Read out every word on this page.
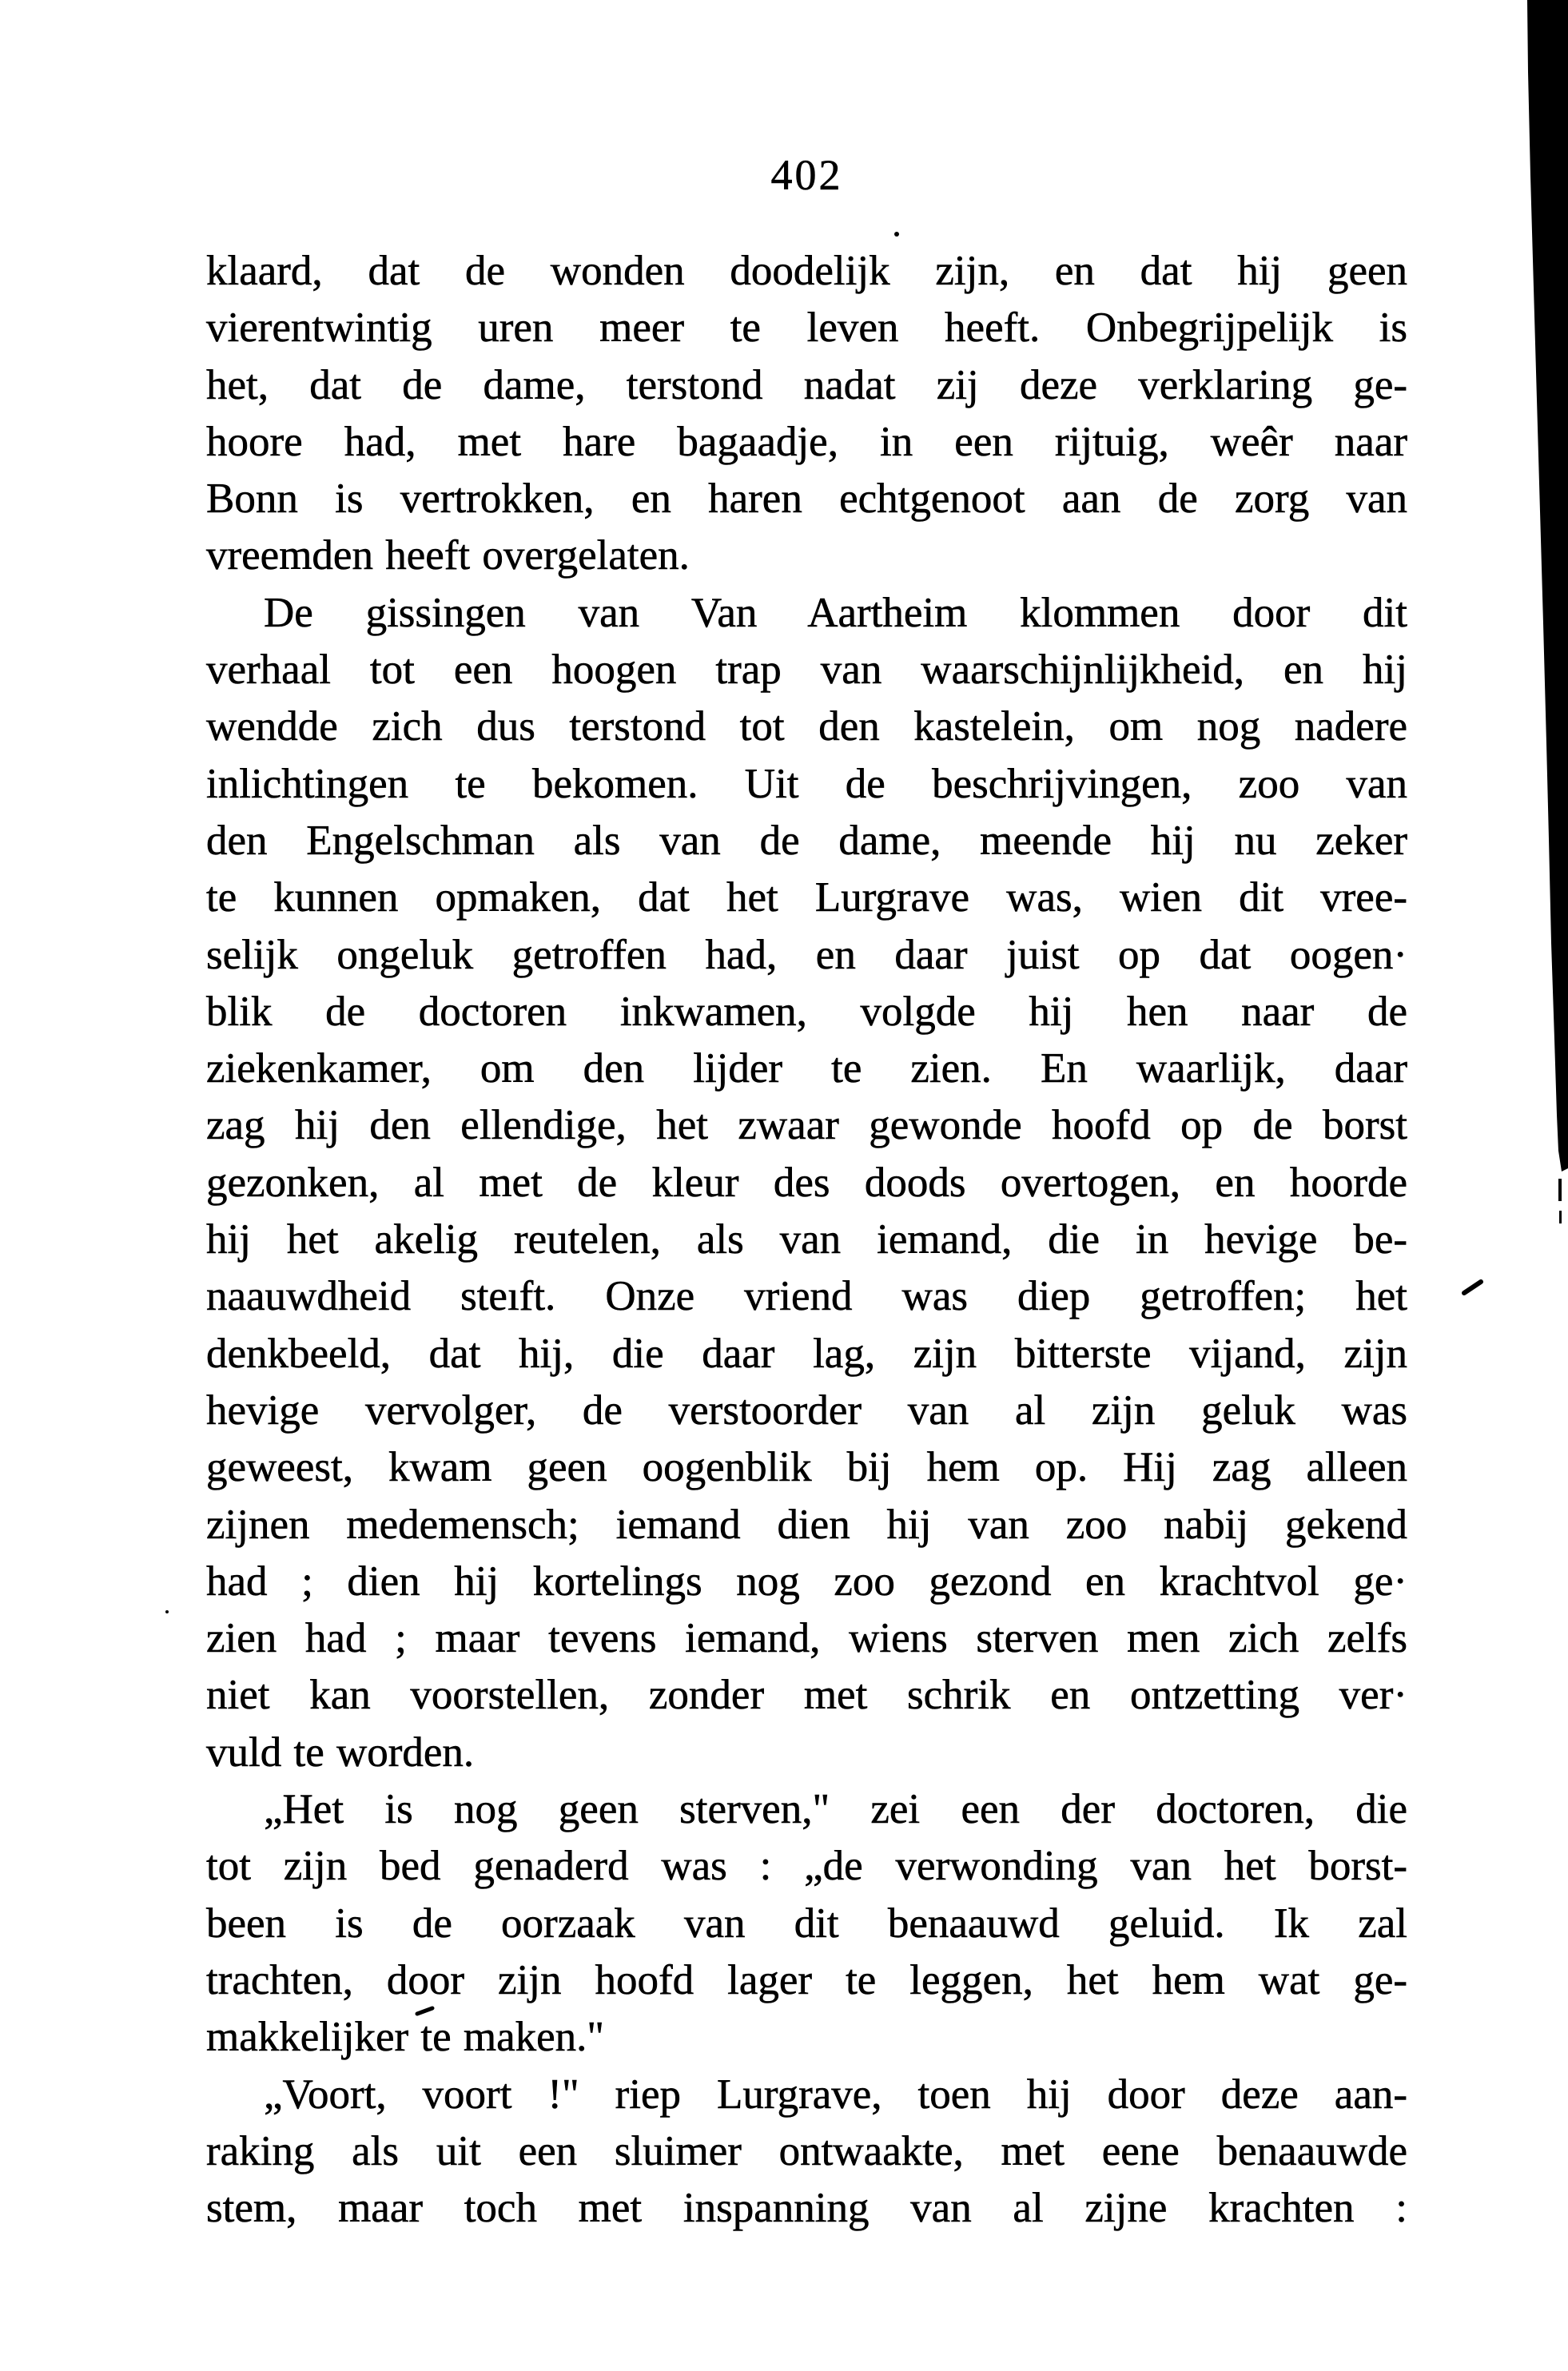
402
klaard, dat de wonden doodelijk zijn, en dat hij geen
vierentwintig uren meer te leven heeft. Onbegrijpelijk is
het, dat de dame, terstond nadat zij deze verklaring ge-
hoore had, met hare bagaadje, in een rijtuig, weêr naar
Bonn is vertrokken, en haren echtgenoot aan de zorg van
vreemden heeft overgelaten.
De gissingen van Van Aartheim klommen door dit
verhaal tot een hoogen trap van waarschijnlijkheid, en hij
wendde zich dus terstond tot den kastelein, om nog nadere
inlichtingen te bekomen. Uit de beschrijvingen, zoo van
den Engelschman als van de dame, meende hij nu zeker
te kunnen opmaken, dat het Lurgrave was, wien dit vree-
selijk ongeluk getroffen had, en daar juist op dat oogen·
blik de doctoren inkwamen, volgde hij hen naar de
ziekenkamer, om den lijder te zien. En waarlijk, daar
zag hij den ellendige, het zwaar gewonde hoofd op de borst
gezonken, al met de kleur des doods overtogen, en hoorde
hij het akelig reutelen, als van iemand, die in hevige be-
naauwdheid steıft. Onze vriend was diep getroffen; het
denkbeeld, dat hij, die daar lag, zijn bitterste vijand, zijn
hevige vervolger, de verstoorder van al zijn geluk was
geweest, kwam geen oogenblik bij hem op. Hij zag alleen
zijnen medemensch; iemand dien hij van zoo nabij gekend
had ; dien hij kortelings nog zoo gezond en krachtvol ge·
zien had ; maar tevens iemand, wiens sterven men zich zelfs
niet kan voorstellen, zonder met schrik en ontzetting ver·
vuld te worden.
„Het is nog geen sterven," zei een der doctoren, die
tot zijn bed genaderd was : „de verwonding van het borst-
been is de oorzaak van dit benaauwd geluid. Ik zal
trachten, door zijn hoofd lager te leggen, het hem wat ge-
makkelijker te maken."
„Voort, voort !" riep Lurgrave, toen hij door deze aan-
raking als uit een sluimer ontwaakte, met eene benaauwde
stem, maar toch met inspanning van al zijne krachten :
